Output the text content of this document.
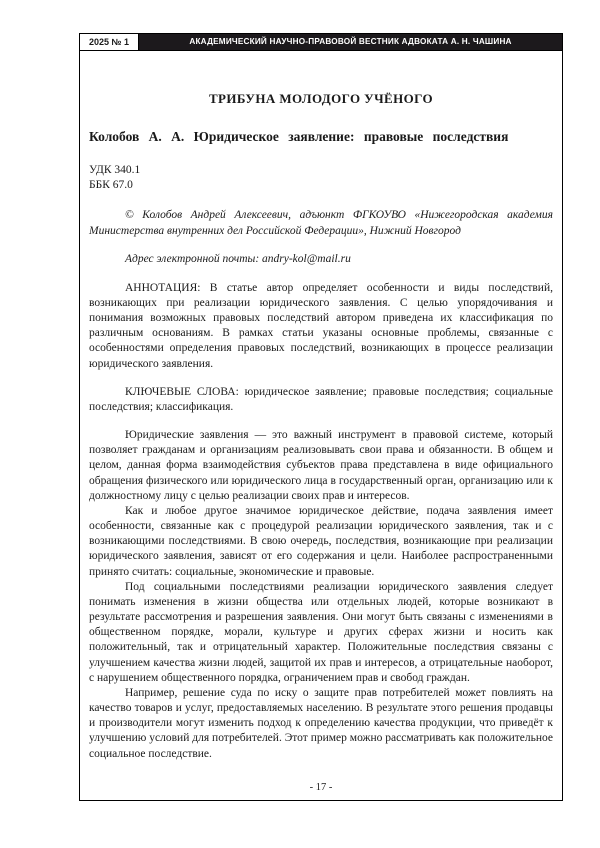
2025 № 1	АКАДЕМИЧЕСКИЙ НАУЧНО-ПРАВОВОЙ ВЕСТНИК АДВОКАТА А. Н. ЧАШИНА
ТРИБУНА МОЛОДОГО УЧЁНОГО
Колобов А. А. Юридическое заявление: правовые последствия
УДК 340.1
ББК 67.0
© Колобов Андрей Алексеевич, адъюнкт ФГКОУВО «Нижегородская академия Министерства внутренних дел Российской Федерации», Нижний Новгород
Адрес электронной почты: andry-kol@mail.ru

АННОТАЦИЯ: В статье автор определяет особенности и виды последствий, возникающих при реализации юридического заявления. С целью упорядочивания и понимания возможных правовых последствий автором приведена их классификация по различным основаниям. В рамках статьи указаны основные проблемы, связанные с особенностями определения правовых последствий, возникающих в процессе реализации юридического заявления.

КЛЮЧЕВЫЕ СЛОВА: юридическое заявление; правовые последствия; социальные последствия; классификация.

Юридические заявления — это важный инструмент в правовой системе, который позволяет гражданам и организациям реализовывать свои права и обязанности. В общем и целом, данная форма взаимодействия субъектов права представлена в виде официального обращения физического или юридического лица в государственный орган, организацию или к должностному лицу с целью реализации своих прав и интересов.

Как и любое другое значимое юридическое действие, подача заявления имеет особенности, связанные как с процедурой реализации юридического заявления, так и с возникающими последствиями. В свою очередь, последствия, возникающие при реализации юридического заявления, зависят от его содержания и цели. Наиболее распространенными принято считать: социальные, экономические и правовые.

Под социальными последствиями реализации юридического заявления следует понимать изменения в жизни общества или отдельных людей, которые возникают в результате рассмотрения и разрешения заявления. Они могут быть связаны с изменениями в общественном порядке, морали, культуре и других сферах жизни и носить как положительный, так и отрицательный характер. Положительные последствия связаны с улучшением качества жизни людей, защитой их прав и интересов, а отрицательные наоборот, с нарушением общественного порядка, ограничением прав и свобод граждан.

Например, решение суда по иску о защите прав потребителей может повлиять на качество товаров и услуг, предоставляемых населению. В результате этого решения продавцы и производители могут изменить подход к определению качества продукции, что приведёт к улучшению условий для потребителей. Этот пример можно рассматривать как положительное социальное последствие.

- 17 -
